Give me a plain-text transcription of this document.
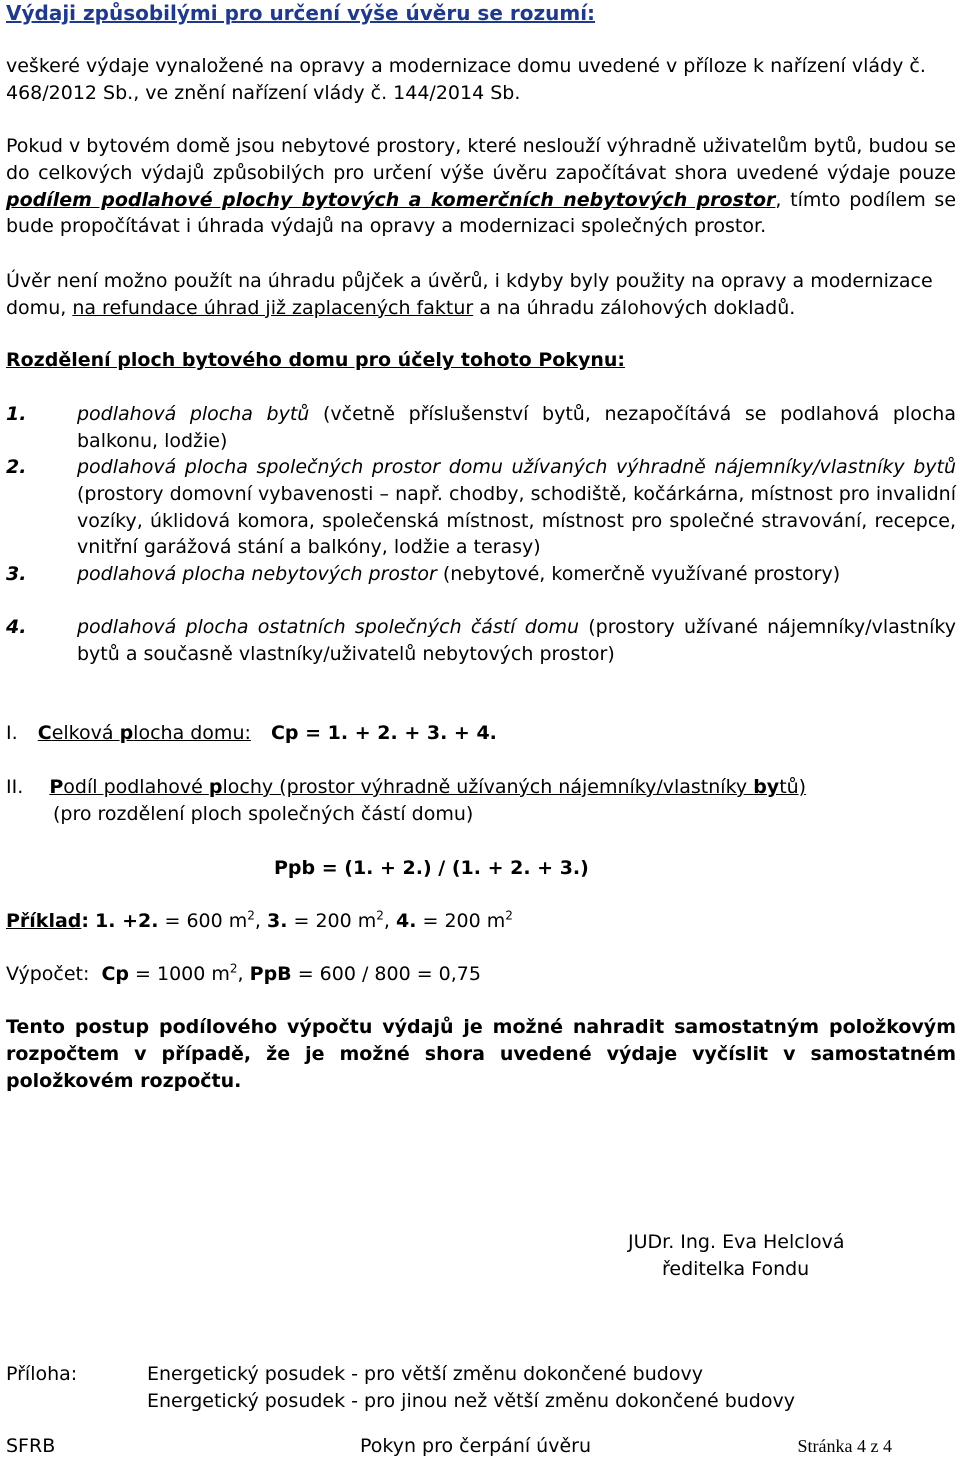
Výdaji způsobilými pro určení výše úvěru se rozumí:
veškeré výdaje vynaložené na opravy a modernizace domu uvedené v příloze k nařízení vlády č. 468/2012 Sb., ve znění nařízení vlády č. 144/2014 Sb.
Pokud v bytovém domě jsou nebytové prostory, které neslouží výhradně uživatelům bytů, budou se do celkových výdajů způsobilých pro určení výše úvěru započítávat shora uvedené výdaje pouze podílem podlahové plochy bytových a komerčních nebytových prostor, tímto podílem se bude propočítávat i úhrada výdajů na opravy a modernizaci společných prostor.
Úvěr není možno použít na úhradu půjček a úvěrů, i kdyby byly použity na opravy a modernizace domu, na refundace úhrad již zaplacených faktur a na úhradu zálohových dokladů.
Rozdělení ploch bytového domu pro účely tohoto Pokynu:
1.	podlahová plocha bytů (včetně příslušenství bytů, nezapočítává se podlahová plocha balkonu, lodžie)
2.	podlahová plocha společných prostor domu užívaných výhradně nájemníky/vlastníky bytů (prostory domovní vybavenosti – např. chodby, schodiště, kočárkárna, místnost pro invalidní vozíky, úklidová komora, společenská místnost, místnost pro společné stravování, recepce, vnitřní garážová stání a balkóny, lodžie a terasy)
3.	podlahová plocha nebytových prostor (nebytové, komerčně využívané prostory)
4.	podlahová plocha ostatních společných částí domu (prostory užívané nájemníky/vlastníky bytů a současně vlastníky/uživatelů nebytových prostor)
I. Celková plocha domu: Cp = 1. + 2. + 3. + 4.
II. Podíl podlahové plochy (prostor výhradně užívaných nájemníky/vlastníky bytů)
(pro rozdělení ploch společných částí domu)
Ppb = (1. + 2.) / (1. + 2. + 3.)
Příklad: 1. +2. = 600 $m^2$, 3. = 200 $m^2$, 4. = 200 $m^2$
Výpočet: Cp = 1000 $m^2$, PpB = 600 / 800 = 0,75
Tento postup podílového výpočtu výdajů je možné nahradit samostatným položkovým rozpočtem v případě, že je možné shora uvedené výdaje vyčíslit v samostatném položkovém rozpočtu.
JUDr. Ing. Eva Helclová
ředitelka Fondu
Příloha:	Energetický posudek - pro větší změnu dokončené budovy
Energetický posudek - pro jinou než větší změnu dokončené budovy
SFRB	Pokyn pro čerpání úvěru	Stránka 4 z 4
